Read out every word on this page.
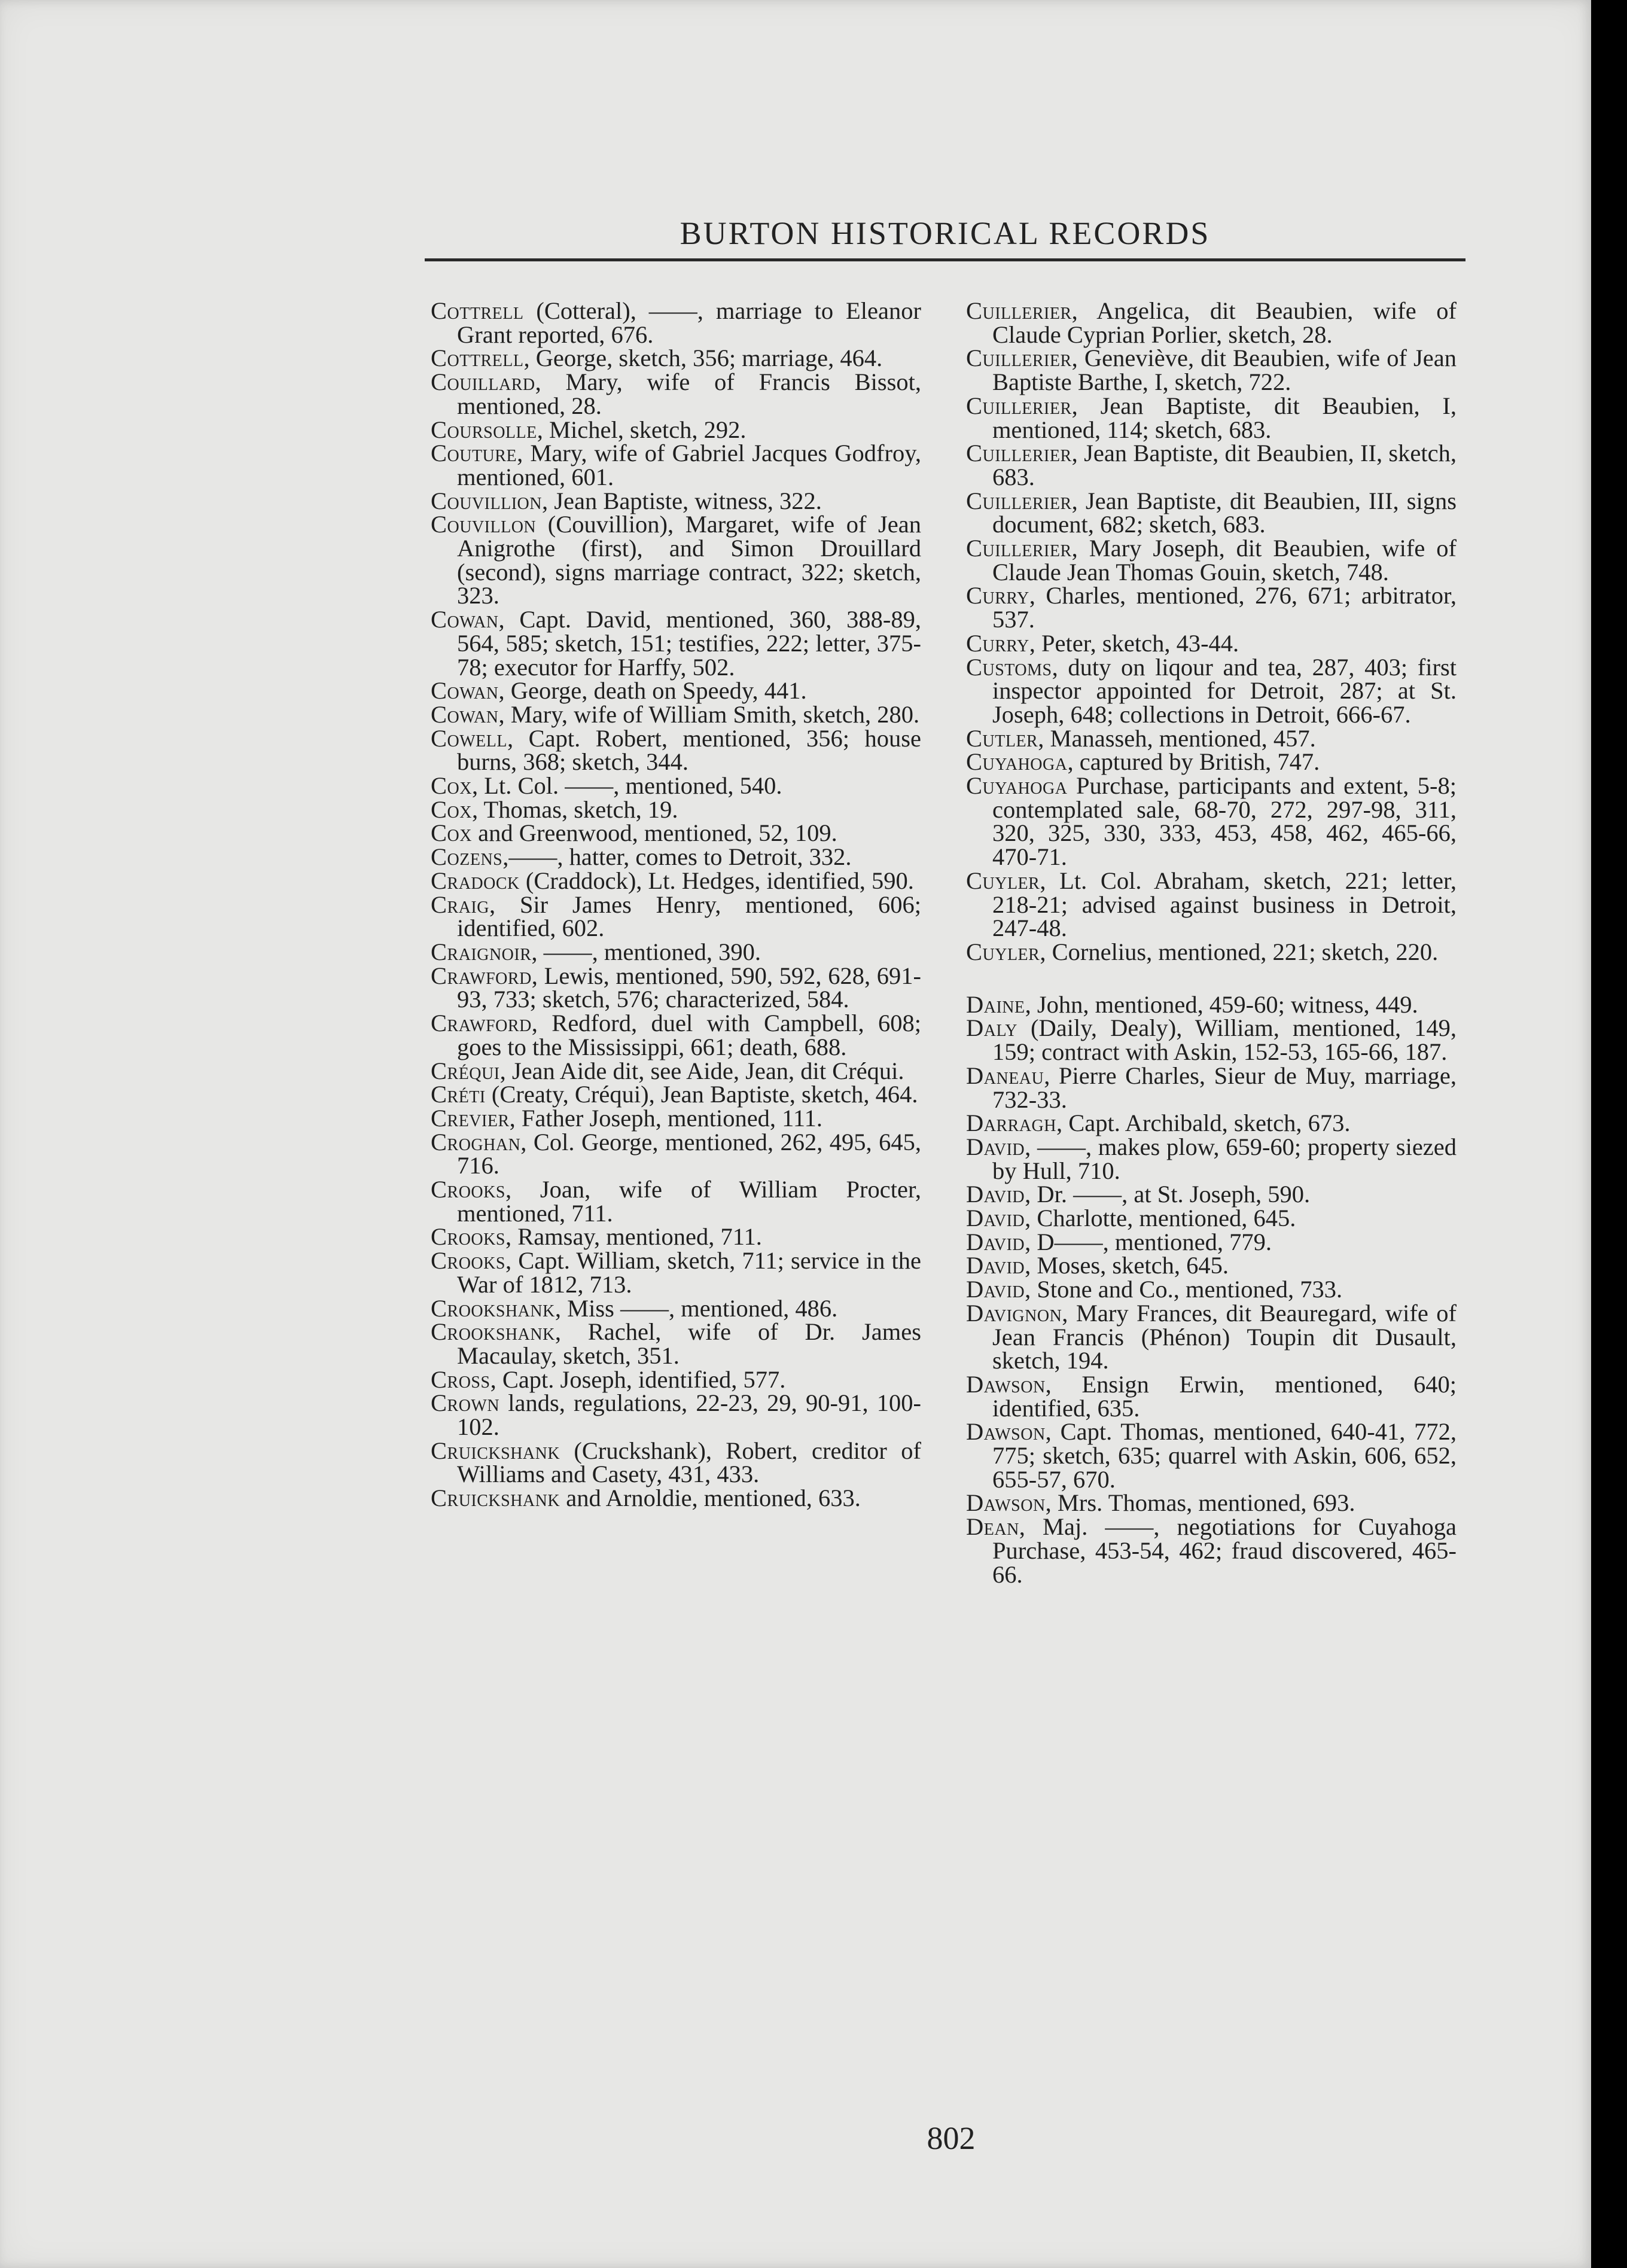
BURTON HISTORICAL RECORDS

Cottrell (Cotteral), ——, marriage to Eleanor Grant reported, 676.

Cottrell, George, sketch, 356; marriage, 464.

Couillard, Mary, wife of Francis Bissot, mentioned, 28.

Coursolle, Michel, sketch, 292.

Couture, Mary, wife of Gabriel Jacques Godfroy, mentioned, 601.

Couvillion, Jean Baptiste, witness, 322.

Couvillon (Couvillion), Margaret, wife of Jean Anigrothe (first), and Simon Drouillard (second), signs marriage contract, 322; sketch, 323.

Cowan, Capt. David, mentioned, 360, 388-89, 564, 585; sketch, 151; testifies, 222; letter, 375-78; executor for Harffy, 502.

Cowan, George, death on Speedy, 441.

Cowan, Mary, wife of William Smith, sketch, 280.

Cowell, Capt. Robert, mentioned, 356; house burns, 368; sketch, 344.

Cox, Lt. Col. ——, mentioned, 540.

Cox, Thomas, sketch, 19.

Cox and Greenwood, mentioned, 52, 109.

Cozens,——, hatter, comes to Detroit, 332.

Cradock (Craddock), Lt. Hedges, identified, 590.

Craig, Sir James Henry, mentioned, 606; identified, 602.

Craignoir, ——, mentioned, 390.

Crawford, Lewis, mentioned, 590, 592, 628, 691-93, 733; sketch, 576; characterized, 584.

Crawford, Redford, duel with Campbell, 608; goes to the Mississippi, 661; death, 688.

Créqui, Jean Aide dit, see Aide, Jean, dit Créqui.

Créti (Creaty, Créqui), Jean Baptiste, sketch, 464.

Crevier, Father Joseph, mentioned, 111.

Croghan, Col. George, mentioned, 262, 495, 645, 716.

Crooks, Joan, wife of William Procter, mentioned, 711.

Crooks, Ramsay, mentioned, 711.

Crooks, Capt. William, sketch, 711; service in the War of 1812, 713.

Crookshank, Miss ——, mentioned, 486.

Crookshank, Rachel, wife of Dr. James Macaulay, sketch, 351.

Cross, Capt. Joseph, identified, 577.

Crown lands, regulations, 22-23, 29, 90-91, 100-102.

Cruickshank (Cruckshank), Robert, creditor of Williams and Casety, 431, 433.

Cruickshank and Arnoldie, mentioned, 633.

Cuillerier, Angelica, dit Beaubien, wife of Claude Cyprian Porlier, sketch, 28.

Cuillerier, Geneviève, dit Beaubien, wife of Jean Baptiste Barthe, I, sketch, 722.

Cuillerier, Jean Baptiste, dit Beaubien, I, mentioned, 114; sketch, 683.

Cuillerier, Jean Baptiste, dit Beaubien, II, sketch, 683.

Cuillerier, Jean Baptiste, dit Beaubien, III, signs document, 682; sketch, 683.

Cuillerier, Mary Joseph, dit Beaubien, wife of Claude Jean Thomas Gouin, sketch, 748.

Curry, Charles, mentioned, 276, 671; arbitrator, 537.

Curry, Peter, sketch, 43-44.

Customs, duty on liqour and tea, 287, 403; first inspector appointed for Detroit, 287; at St. Joseph, 648; collections in Detroit, 666-67.

Cutler, Manasseh, mentioned, 457.

Cuyahoga, captured by British, 747.

Cuyahoga Purchase, participants and extent, 5-8; contemplated sale, 68-70, 272, 297-98, 311, 320, 325, 330, 333, 453, 458, 462, 465-66, 470-71.

Cuyler, Lt. Col. Abraham, sketch, 221; letter, 218-21; advised against business in Detroit, 247-48.

Cuyler, Cornelius, mentioned, 221; sketch, 220.

Daine, John, mentioned, 459-60; witness, 449.

Daly (Daily, Dealy), William, mentioned, 149, 159; contract with Askin, 152-53, 165-66, 187.

Daneau, Pierre Charles, Sieur de Muy, marriage, 732-33.

Darragh, Capt. Archibald, sketch, 673.

David, ——, makes plow, 659-60; property siezed by Hull, 710.

David, Dr. ——, at St. Joseph, 590.

David, Charlotte, mentioned, 645.

David, D——, mentioned, 779.

David, Moses, sketch, 645.

David, Stone and Co., mentioned, 733.

Davignon, Mary Frances, dit Beauregard, wife of Jean Francis (Phénon) Toupin dit Dusault, sketch, 194.

Dawson, Ensign Erwin, mentioned, 640; identified, 635.

Dawson, Capt. Thomas, mentioned, 640-41, 772, 775; sketch, 635; quarrel with Askin, 606, 652, 655-57, 670.

Dawson, Mrs. Thomas, mentioned, 693.

Dean, Maj. ——, negotiations for Cuyahoga Purchase, 453-54, 462; fraud discovered, 465-66.

802
